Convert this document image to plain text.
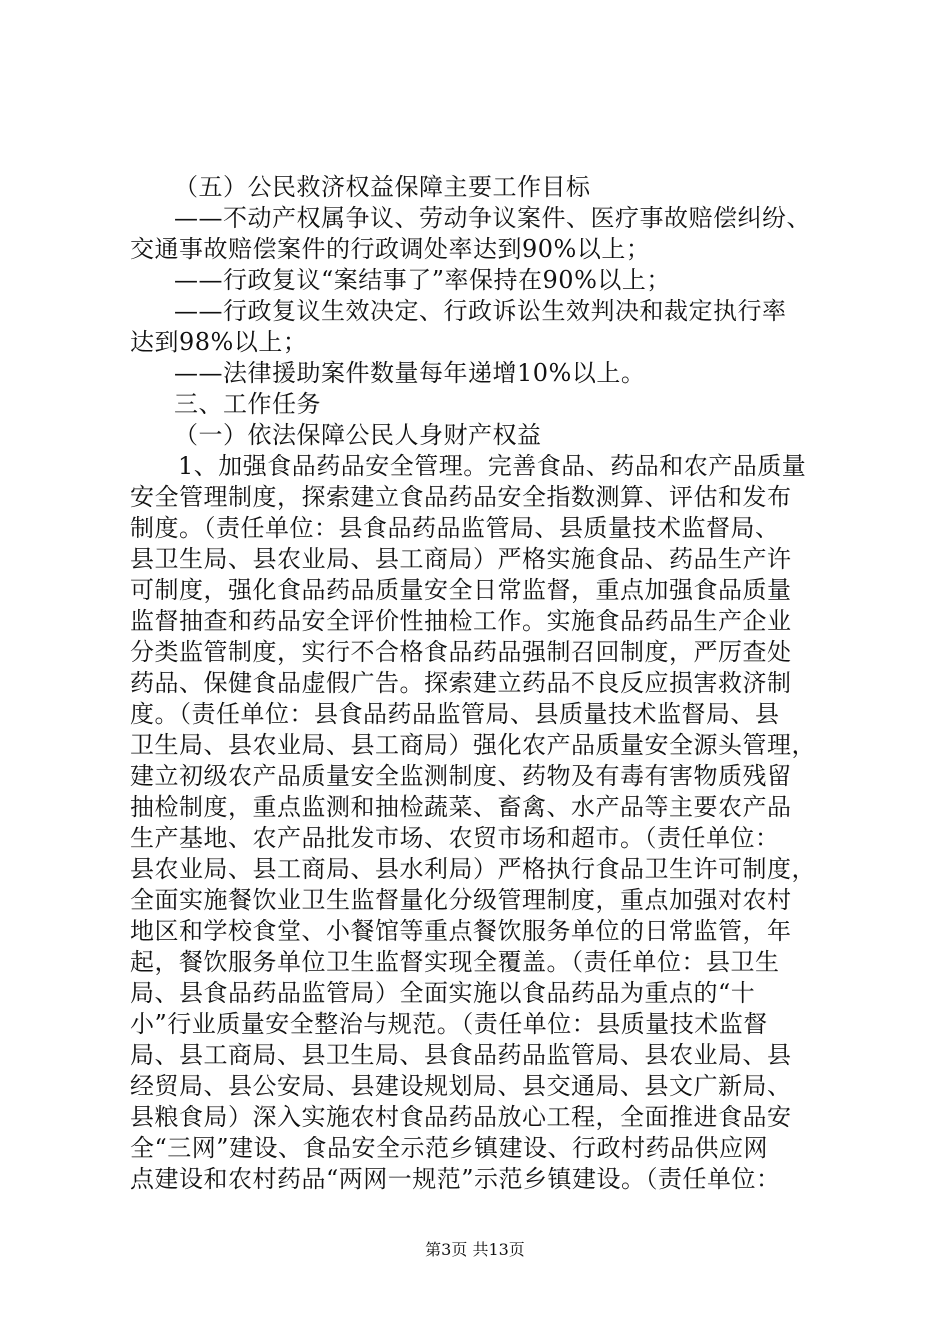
（五）公民救济权益保障主要工作目标
——不动产权属争议、劳动争议案件、医疗事故赔偿纠纷、
交通事故赔偿案件的行政调处率达到90%以上；
——行政复议“案结事了”率保持在90%以上；
——行政复议生效决定、行政诉讼生效判决和裁定执行率
达到98%以上；
——法律援助案件数量每年递增10%以上。
三、工作任务
（一）依法保障公民人身财产权益
1、加强食品药品安全管理。完善食品、药品和农产品质量
安全管理制度，探索建立食品药品安全指数测算、评估和发布
制度。（责任单位：县食品药品监管局、县质量技术监督局、
县卫生局、县农业局、县工商局）严格实施食品、药品生产许
可制度，强化食品药品质量安全日常监督，重点加强食品质量
监督抽查和药品安全评价性抽检工作。实施食品药品生产企业
分类监管制度，实行不合格食品药品强制召回制度，严厉查处
药品、保健食品虚假广告。探索建立药品不良反应损害救济制
度。（责任单位：县食品药品监管局、县质量技术监督局、县
卫生局、县农业局、县工商局）强化农产品质量安全源头管理，
建立初级农产品质量安全监测制度、药物及有毒有害物质残留
抽检制度，重点监测和抽检蔬菜、畜禽、水产品等主要农产品
生产基地、农产品批发市场、农贸市场和超市。（责任单位：
县农业局、县工商局、县水利局）严格执行食品卫生许可制度，
全面实施餐饮业卫生监督量化分级管理制度，重点加强对农村
地区和学校食堂、小餐馆等重点餐饮服务单位的日常监管，年
起，餐饮服务单位卫生监督实现全覆盖。（责任单位：县卫生
局、县食品药品监管局）全面实施以食品药品为重点的“十
小”行业质量安全整治与规范。（责任单位：县质量技术监督
局、县工商局、县卫生局、县食品药品监管局、县农业局、县
经贸局、县公安局、县建设规划局、县交通局、县文广新局、
县粮食局）深入实施农村食品药品放心工程，全面推进食品安
全“三网”建设、食品安全示范乡镇建设、行政村药品供应网
点建设和农村药品“两网一规范”示范乡镇建设。（责任单位：
第3页 共13页
